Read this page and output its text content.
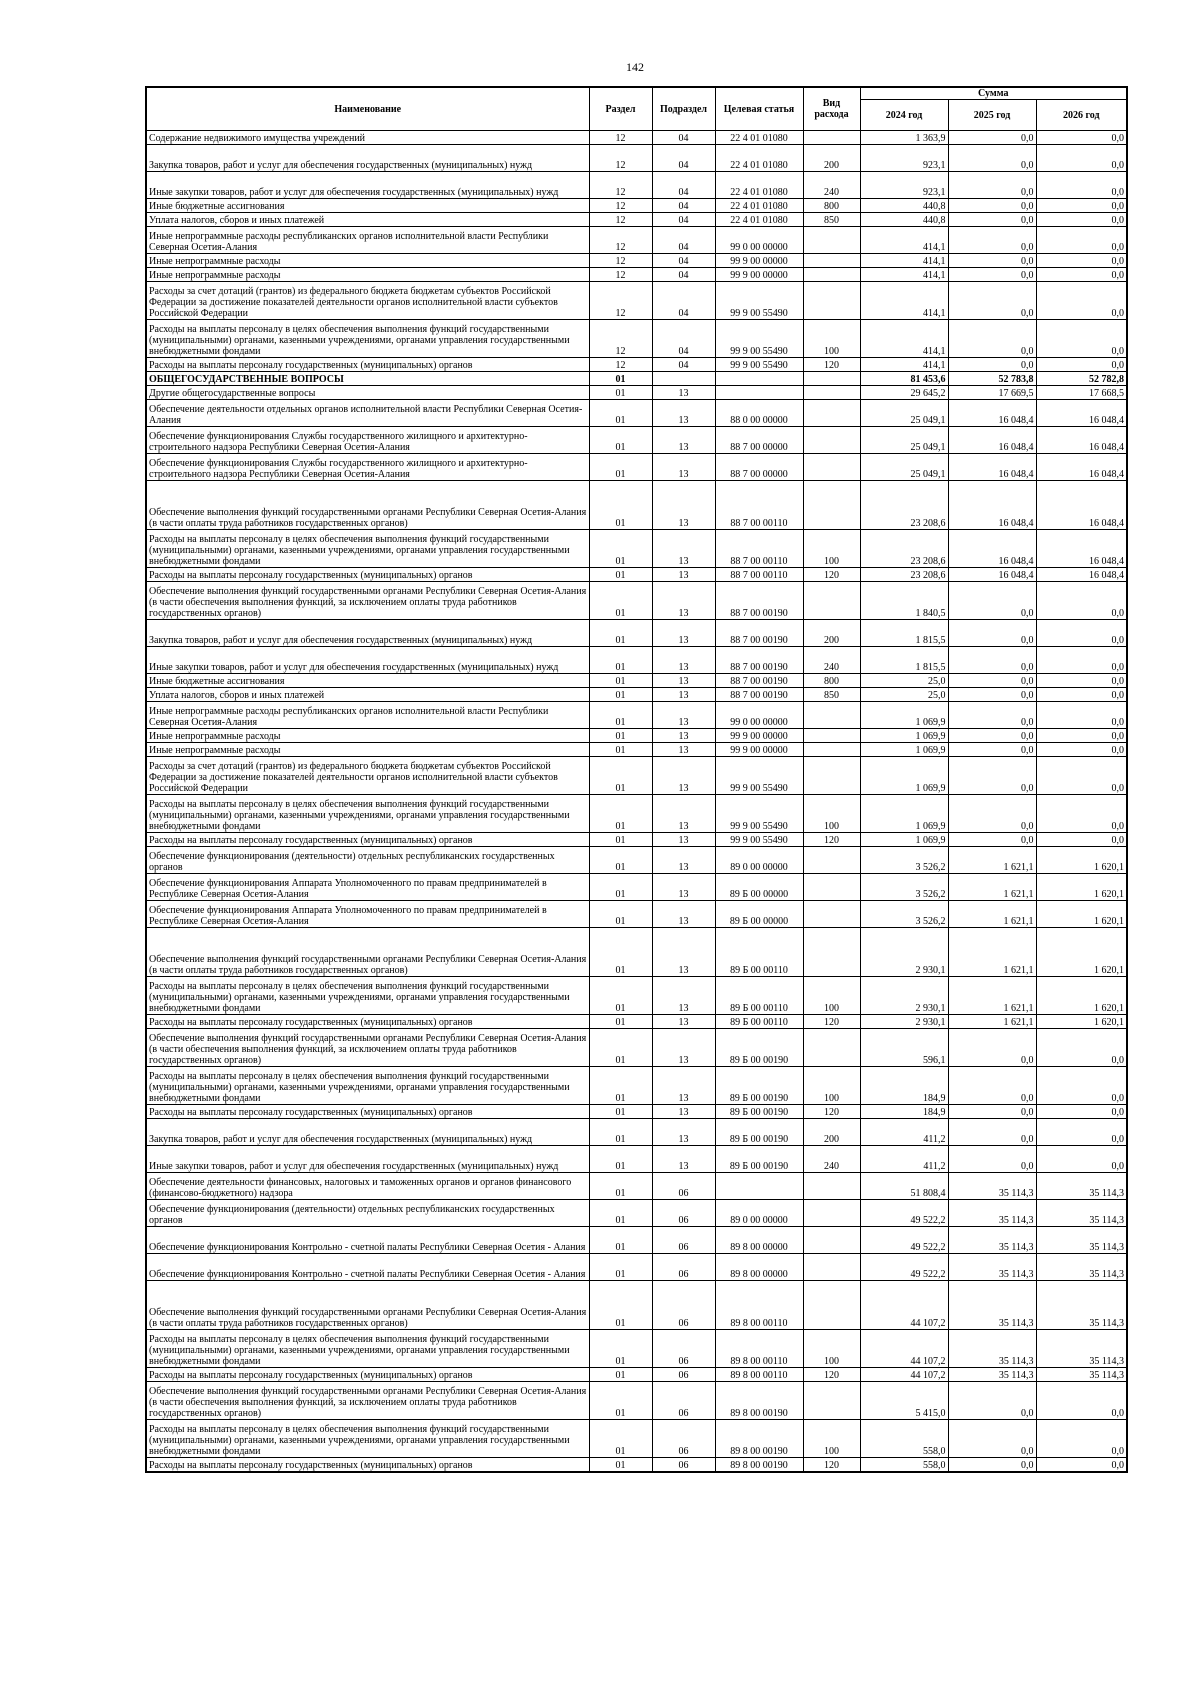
142
Наименование	Раздел	Подраздел	Целевая статья	Вид расхода	Сумма		
					2024 год	2025 год	2026 год
Содержание недвижимого имущества учреждений	12	04	22 4 01 01080		1 363,9	0,0	0,0
Закупка товаров, работ и услуг для обеспечения государственных (муниципальных) нужд	12	04	22 4 01 01080	200	923,1	0,0	0,0
Иные закупки товаров, работ и услуг для обеспечения государственных (муниципальных) нужд	12	04	22 4 01 01080	240	923,1	0,0	0,0
Иные бюджетные ассигнования	12	04	22 4 01 01080	800	440,8	0,0	0,0
Уплата налогов, сборов и иных платежей	12	04	22 4 01 01080	850	440,8	0,0	0,0
Иные непрограммные расходы республиканских органов исполнительной власти Республики Северная Осетия-Алания	12	04	99 0 00 00000		414,1	0,0	0,0
Иные непрограммные расходы	12	04	99 9 00 00000		414,1	0,0	0,0
Иные непрограммные расходы	12	04	99 9 00 00000		414,1	0,0	0,0
Расходы за счет дотаций (грантов) из федерального бюджета бюджетам субъектов Российской Федерации за достижение показателей деятельности органов исполнительной власти субъектов Российской Федерации	12	04	99 9 00 55490		414,1	0,0	0,0
Расходы на выплаты персоналу в целях обеспечения выполнения функций государственными (муниципальными) органами, казенными учреждениями, органами управления государственными внебюджетными фондами	12	04	99 9 00 55490	100	414,1	0,0	0,0
Расходы на выплаты персоналу государственных (муниципальных) органов	12	04	99 9 00 55490	120	414,1	0,0	0,0
ОБЩЕГОСУДАРСТВЕННЫЕ ВОПРОСЫ	01				81 453,6	52 783,8	52 782,8
Другие общегосударственные вопросы	01	13			29 645,2	17 669,5	17 668,5
Обеспечение деятельности отдельных органов исполнительной власти Республики Северная Осетия-Алания	01	13	88 0 00 00000		25 049,1	16 048,4	16 048,4
Обеспечение функционирования Службы государственного жилищного и архитектурно-строительного надзора Республики Северная Осетия-Алания	01	13	88 7 00 00000		25 049,1	16 048,4	16 048,4
Обеспечение функционирования Службы государственного жилищного и архитектурно-строительного надзора Республики Северная Осетия-Алания	01	13	88 7 00 00000		25 049,1	16 048,4	16 048,4
Обеспечение выполнения функций государственными органами Республики Северная Осетия-Алания (в части оплаты труда работников государственных органов)	01	13	88 7 00 00110		23 208,6	16 048,4	16 048,4
Расходы на выплаты персоналу в целях обеспечения выполнения функций государственными (муниципальными) органами, казенными учреждениями, органами управления государственными внебюджетными фондами	01	13	88 7 00 00110	100	23 208,6	16 048,4	16 048,4
Расходы на выплаты персоналу государственных (муниципальных) органов	01	13	88 7 00 00110	120	23 208,6	16 048,4	16 048,4
Обеспечение выполнения функций государственными органами Республики Северная Осетия-Алания (в части обеспечения выполнения функций, за исключением оплаты труда работников государственных органов)	01	13	88 7 00 00190		1 840,5	0,0	0,0
Закупка товаров, работ и услуг для обеспечения государственных (муниципальных) нужд	01	13	88 7 00 00190	200	1 815,5	0,0	0,0
Иные закупки товаров, работ и услуг для обеспечения государственных (муниципальных) нужд	01	13	88 7 00 00190	240	1 815,5	0,0	0,0
Иные бюджетные ассигнования	01	13	88 7 00 00190	800	25,0	0,0	0,0
Уплата налогов, сборов и иных платежей	01	13	88 7 00 00190	850	25,0	0,0	0,0
Иные непрограммные расходы республиканских органов исполнительной власти Республики Северная Осетия-Алания	01	13	99 0 00 00000		1 069,9	0,0	0,0
Иные непрограммные расходы	01	13	99 9 00 00000		1 069,9	0,0	0,0
Иные непрограммные расходы	01	13	99 9 00 00000		1 069,9	0,0	0,0
Расходы за счет дотаций (грантов) из федерального бюджета бюджетам субъектов Российской Федерации за достижение показателей деятельности органов исполнительной власти субъектов Российской Федерации	01	13	99 9 00 55490		1 069,9	0,0	0,0
Расходы на выплаты персоналу в целях обеспечения выполнения функций государственными (муниципальными) органами, казенными учреждениями, органами управления государственными внебюджетными фондами	01	13	99 9 00 55490	100	1 069,9	0,0	0,0
Расходы на выплаты персоналу государственных (муниципальных) органов	01	13	99 9 00 55490	120	1 069,9	0,0	0,0
Обеспечение функционирования (деятельности) отдельных республиканских государственных органов	01	13	89 0 00 00000		3 526,2	1 621,1	1 620,1
Обеспечение функционирования Аппарата Уполномоченного по правам предпринимателей в Республике Северная Осетия-Алания	01	13	89 Б 00 00000		3 526,2	1 621,1	1 620,1
Обеспечение функционирования Аппарата Уполномоченного по правам предпринимателей в Республике Северная Осетия-Алания	01	13	89 Б 00 00000		3 526,2	1 621,1	1 620,1
Обеспечение выполнения функций государственными органами Республики Северная Осетия-Алания (в части оплаты труда работников государственных органов)	01	13	89 Б 00 00110		2 930,1	1 621,1	1 620,1
Расходы на выплаты персоналу в целях обеспечения выполнения функций государственными (муниципальными) органами, казенными учреждениями, органами управления государственными внебюджетными фондами	01	13	89 Б 00 00110	100	2 930,1	1 621,1	1 620,1
Расходы на выплаты персоналу государственных (муниципальных) органов	01	13	89 Б 00 00110	120	2 930,1	1 621,1	1 620,1
Обеспечение выполнения функций государственными органами Республики Северная Осетия-Алания (в части обеспечения выполнения функций, за исключением оплаты труда работников государственных органов)	01	13	89 Б 00 00190		596,1	0,0	0,0
Расходы на выплаты персоналу в целях обеспечения выполнения функций государственными (муниципальными) органами, казенными учреждениями, органами управления государственными внебюджетными фондами	01	13	89 Б 00 00190	100	184,9	0,0	0,0
Расходы на выплаты персоналу государственных (муниципальных) органов	01	13	89 Б 00 00190	120	184,9	0,0	0,0
Закупка товаров, работ и услуг для обеспечения государственных (муниципальных) нужд	01	13	89 Б 00 00190	200	411,2	0,0	0,0
Иные закупки товаров, работ и услуг для обеспечения государственных (муниципальных) нужд	01	13	89 Б 00 00190	240	411,2	0,0	0,0
Обеспечение деятельности финансовых, налоговых и таможенных органов и органов финансового (финансово-бюджетного) надзора	01	06			51 808,4	35 114,3	35 114,3
Обеспечение функционирования (деятельности) отдельных республиканских государственных органов	01	06	89 0 00 00000		49 522,2	35 114,3	35 114,3
Обеспечение функционирования Контрольно - счетной палаты Республики Северная Осетия - Алания	01	06	89 8 00 00000		49 522,2	35 114,3	35 114,3
Обеспечение функционирования Контрольно - счетной палаты Республики Северная Осетия - Алания	01	06	89 8 00 00000		49 522,2	35 114,3	35 114,3
Обеспечение выполнения функций государственными органами Республики Северная Осетия-Алания (в части оплаты труда работников государственных органов)	01	06	89 8 00 00110		44 107,2	35 114,3	35 114,3
Расходы на выплаты персоналу в целях обеспечения выполнения функций государственными (муниципальными) органами, казенными учреждениями, органами управления государственными внебюджетными фондами	01	06	89 8 00 00110	100	44 107,2	35 114,3	35 114,3
Расходы на выплаты персоналу государственных (муниципальных) органов	01	06	89 8 00 00110	120	44 107,2	35 114,3	35 114,3
Обеспечение выполнения функций государственными органами Республики Северная Осетия-Алания (в части обеспечения выполнения функций, за исключением оплаты труда работников государственных органов)	01	06	89 8 00 00190		5 415,0	0,0	0,0
Расходы на выплаты персоналу в целях обеспечения выполнения функций государственными (муниципальными) органами, казенными учреждениями, органами управления государственными внебюджетными фондами	01	06	89 8 00 00190	100	558,0	0,0	0,0
Расходы на выплаты персоналу государственных (муниципальных) органов	01	06	89 8 00 00190	120	558,0	0,0	0,0
